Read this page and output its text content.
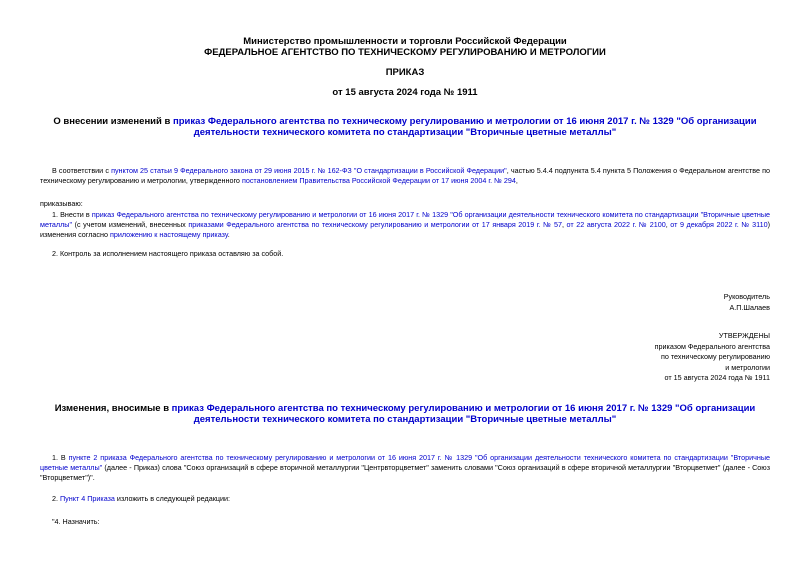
Министерство промышленности и торговли Российской Федерации
ФЕДЕРАЛЬНОЕ АГЕНТСТВО ПО ТЕХНИЧЕСКОМУ РЕГУЛИРОВАНИЮ И МЕТРОЛОГИИ
ПРИКАЗ
от 15 августа 2024 года № 1911
О внесении изменений в приказ Федерального агентства по техническому регулированию и метрологии от 16 июня 2017 г. № 1329 "Об организации деятельности технического комитета по стандартизации "Вторичные цветные металлы"
В соответствии с пунктом 25 статьи 9 Федерального закона от 29 июня 2015 г. № 162-ФЗ "О стандартизации в Российской Федерации", частью 5.4.4 подпункта 5.4 пункта 5 Положения о Федеральном агентстве по техническому регулированию и метрологии, утвержденного постановлением Правительства Российской Федерации от 17 июня 2004 г. № 294,
приказываю:
1. Внести в приказ Федерального агентства по техническому регулированию и метрологии от 16 июня 2017 г. № 1329 "Об организации деятельности технического комитета по стандартизации "Вторичные цветные металлы" (с учетом изменений, внесенных приказами Федерального агентства по техническому регулированию и метрологии от 17 января 2019 г. № 57, от 22 августа 2022 г. № 2100, от 9 декабря 2022 г. № 3110) изменения согласно приложению к настоящему приказу.
2. Контроль за исполнением настоящего приказа оставляю за собой.
Руководитель
А.П.Шалаев
УТВЕРЖДЕНЫ
приказом Федерального агентства
по техническому регулированию
и метрологии
от 15 августа 2024 года № 1911
Изменения, вносимые в приказ Федерального агентства по техническому регулированию и метрологии от 16 июня 2017 г. № 1329 "Об организации деятельности технического комитета по стандартизации "Вторичные цветные металлы"
1. В пункте 2 приказа Федерального агентства по техническому регулированию и метрологии от 16 июня 2017 г. № 1329 "Об организации деятельности технического комитета по стандартизации "Вторичные цветные металлы" (далее - Приказ) слова "Союз организаций в сфере вторичной металлургии "Центрвторцветмет" заменить словами "Союз организаций в сфере вторичной металлургии "Вторцветмет" (далее - Союз "Вторцветмет")".
2. Пункт 4 Приказа изложить в следующей редакции:
"4. Назначить:
